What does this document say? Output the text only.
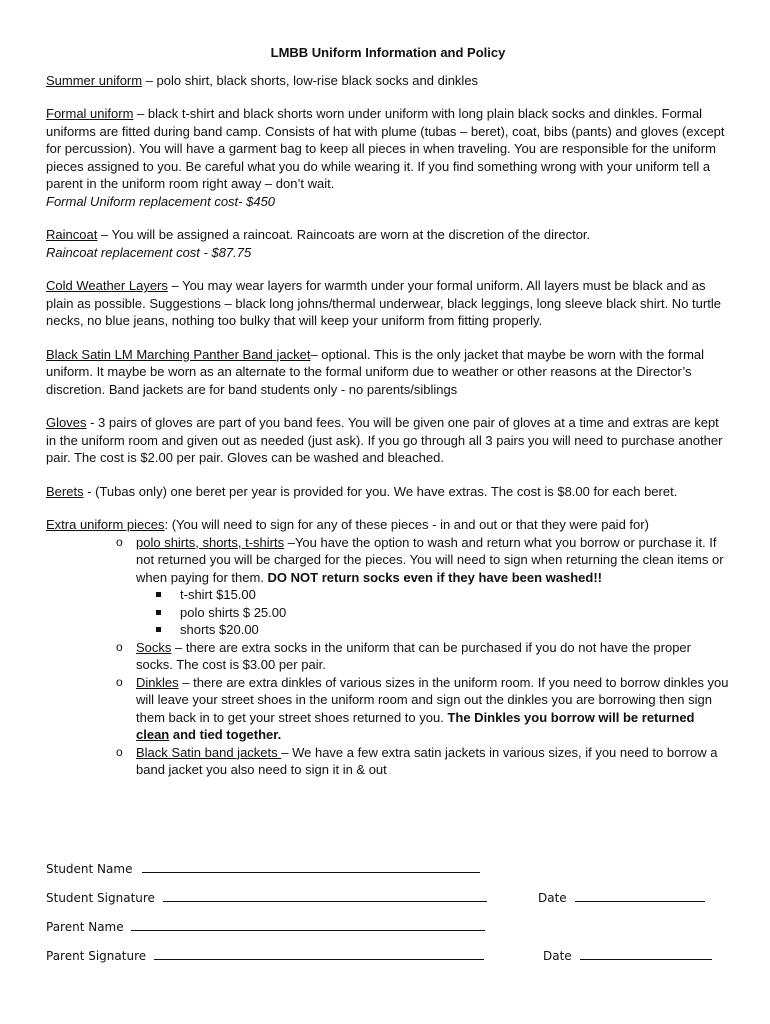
LMBB Uniform Information and Policy

Summer uniform – polo shirt, black shorts, low-rise black socks and dinkles

Formal uniform – black t-shirt and black shorts worn under uniform with long plain black socks and dinkles. Formal uniforms are fitted during band camp. Consists of hat with plume (tubas – beret), coat, bibs (pants) and gloves (except for percussion). You will have a garment bag to keep all pieces in when traveling. You are responsible for the uniform pieces assigned to you. Be careful what you do while wearing it. If you find something wrong with your uniform tell a parent in the uniform room right away – don’t wait.
Formal Uniform replacement cost- $450

Raincoat – You will be assigned a raincoat. Raincoats are worn at the discretion of the director.
Raincoat replacement cost - $87.75

Cold Weather Layers – You may wear layers for warmth under your formal uniform. All layers must be black and as plain as possible. Suggestions – black long johns/thermal underwear, black leggings, long sleeve black shirt. No turtle necks, no blue jeans, nothing too bulky that will keep your uniform from fitting properly.

Black Satin LM Marching Panther Band jacket– optional. This is the only jacket that maybe be worn with the formal uniform. It maybe be worn as an alternate to the formal uniform due to weather or other reasons at the Director’s discretion. Band jackets are for band students only - no parents/siblings

Gloves - 3 pairs of gloves are part of you band fees. You will be given one pair of gloves at a time and extras are kept in the uniform room and given out as needed (just ask). If you go through all 3 pairs you will need to purchase another pair. The cost is $2.00 per pair. Gloves can be washed and bleached.

Berets - (Tubas only) one beret per year is provided for you. We have extras. The cost is $8.00 for each beret.

Extra uniform pieces: (You will need to sign for any of these pieces - in and out or that they were paid for)

o polo shirts, shorts, t-shirts –You have the option to wash and return what you borrow or purchase it. If not returned you will be charged for the pieces. You will need to sign when returning the clean items or when paying for them. DO NOT return socks even if they have been washed!!
t-shirt $15.00
polo shirts $ 25.00
shorts $20.00
o Socks – there are extra socks in the uniform that can be purchased if you do not have the proper socks. The cost is $3.00 per pair.
o Dinkles – there are extra dinkles of various sizes in the uniform room. If you need to borrow dinkles you will leave your street shoes in the uniform room and sign out the dinkles you are borrowing then sign them back in to get your street shoes returned to you. The Dinkles you borrow will be returned clean and tied together.
o Black Satin band jackets – We have a few extra satin jackets in various sizes, if you need to borrow a band jacket you also need to sign it in & out
Student Name
Student Signature	Date
Parent Name
Parent Signature	Date
